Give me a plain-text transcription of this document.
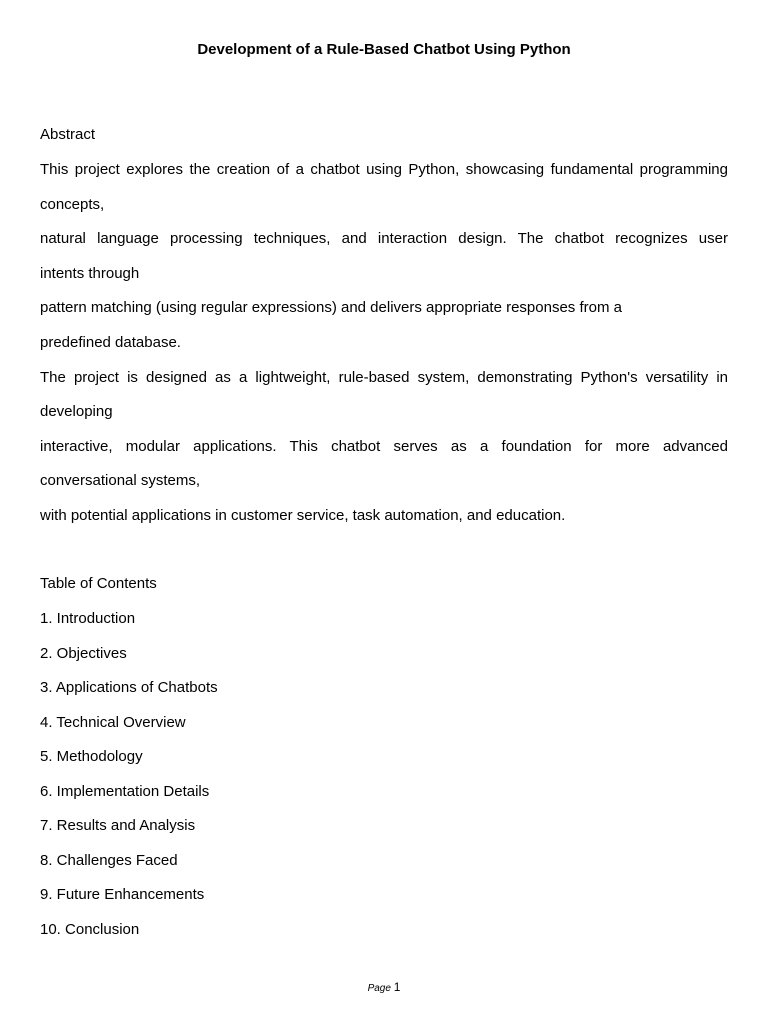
Development of a Rule-Based Chatbot Using Python
Abstract
This project explores the creation of a chatbot using Python, showcasing fundamental programming
concepts,
natural language processing techniques, and interaction design. The chatbot recognizes user
intents through
pattern matching (using regular expressions) and delivers appropriate responses from a
predefined database.
The project is designed as a lightweight, rule-based system, demonstrating Python's versatility in
developing
interactive, modular applications. This chatbot serves as a foundation for more advanced
conversational systems,
with potential applications in customer service, task automation, and education.
Table of Contents
1. Introduction
2. Objectives
3. Applications of Chatbots
4. Technical Overview
5. Methodology
6. Implementation Details
7. Results and Analysis
8. Challenges Faced
9. Future Enhancements
10. Conclusion
Page 1
